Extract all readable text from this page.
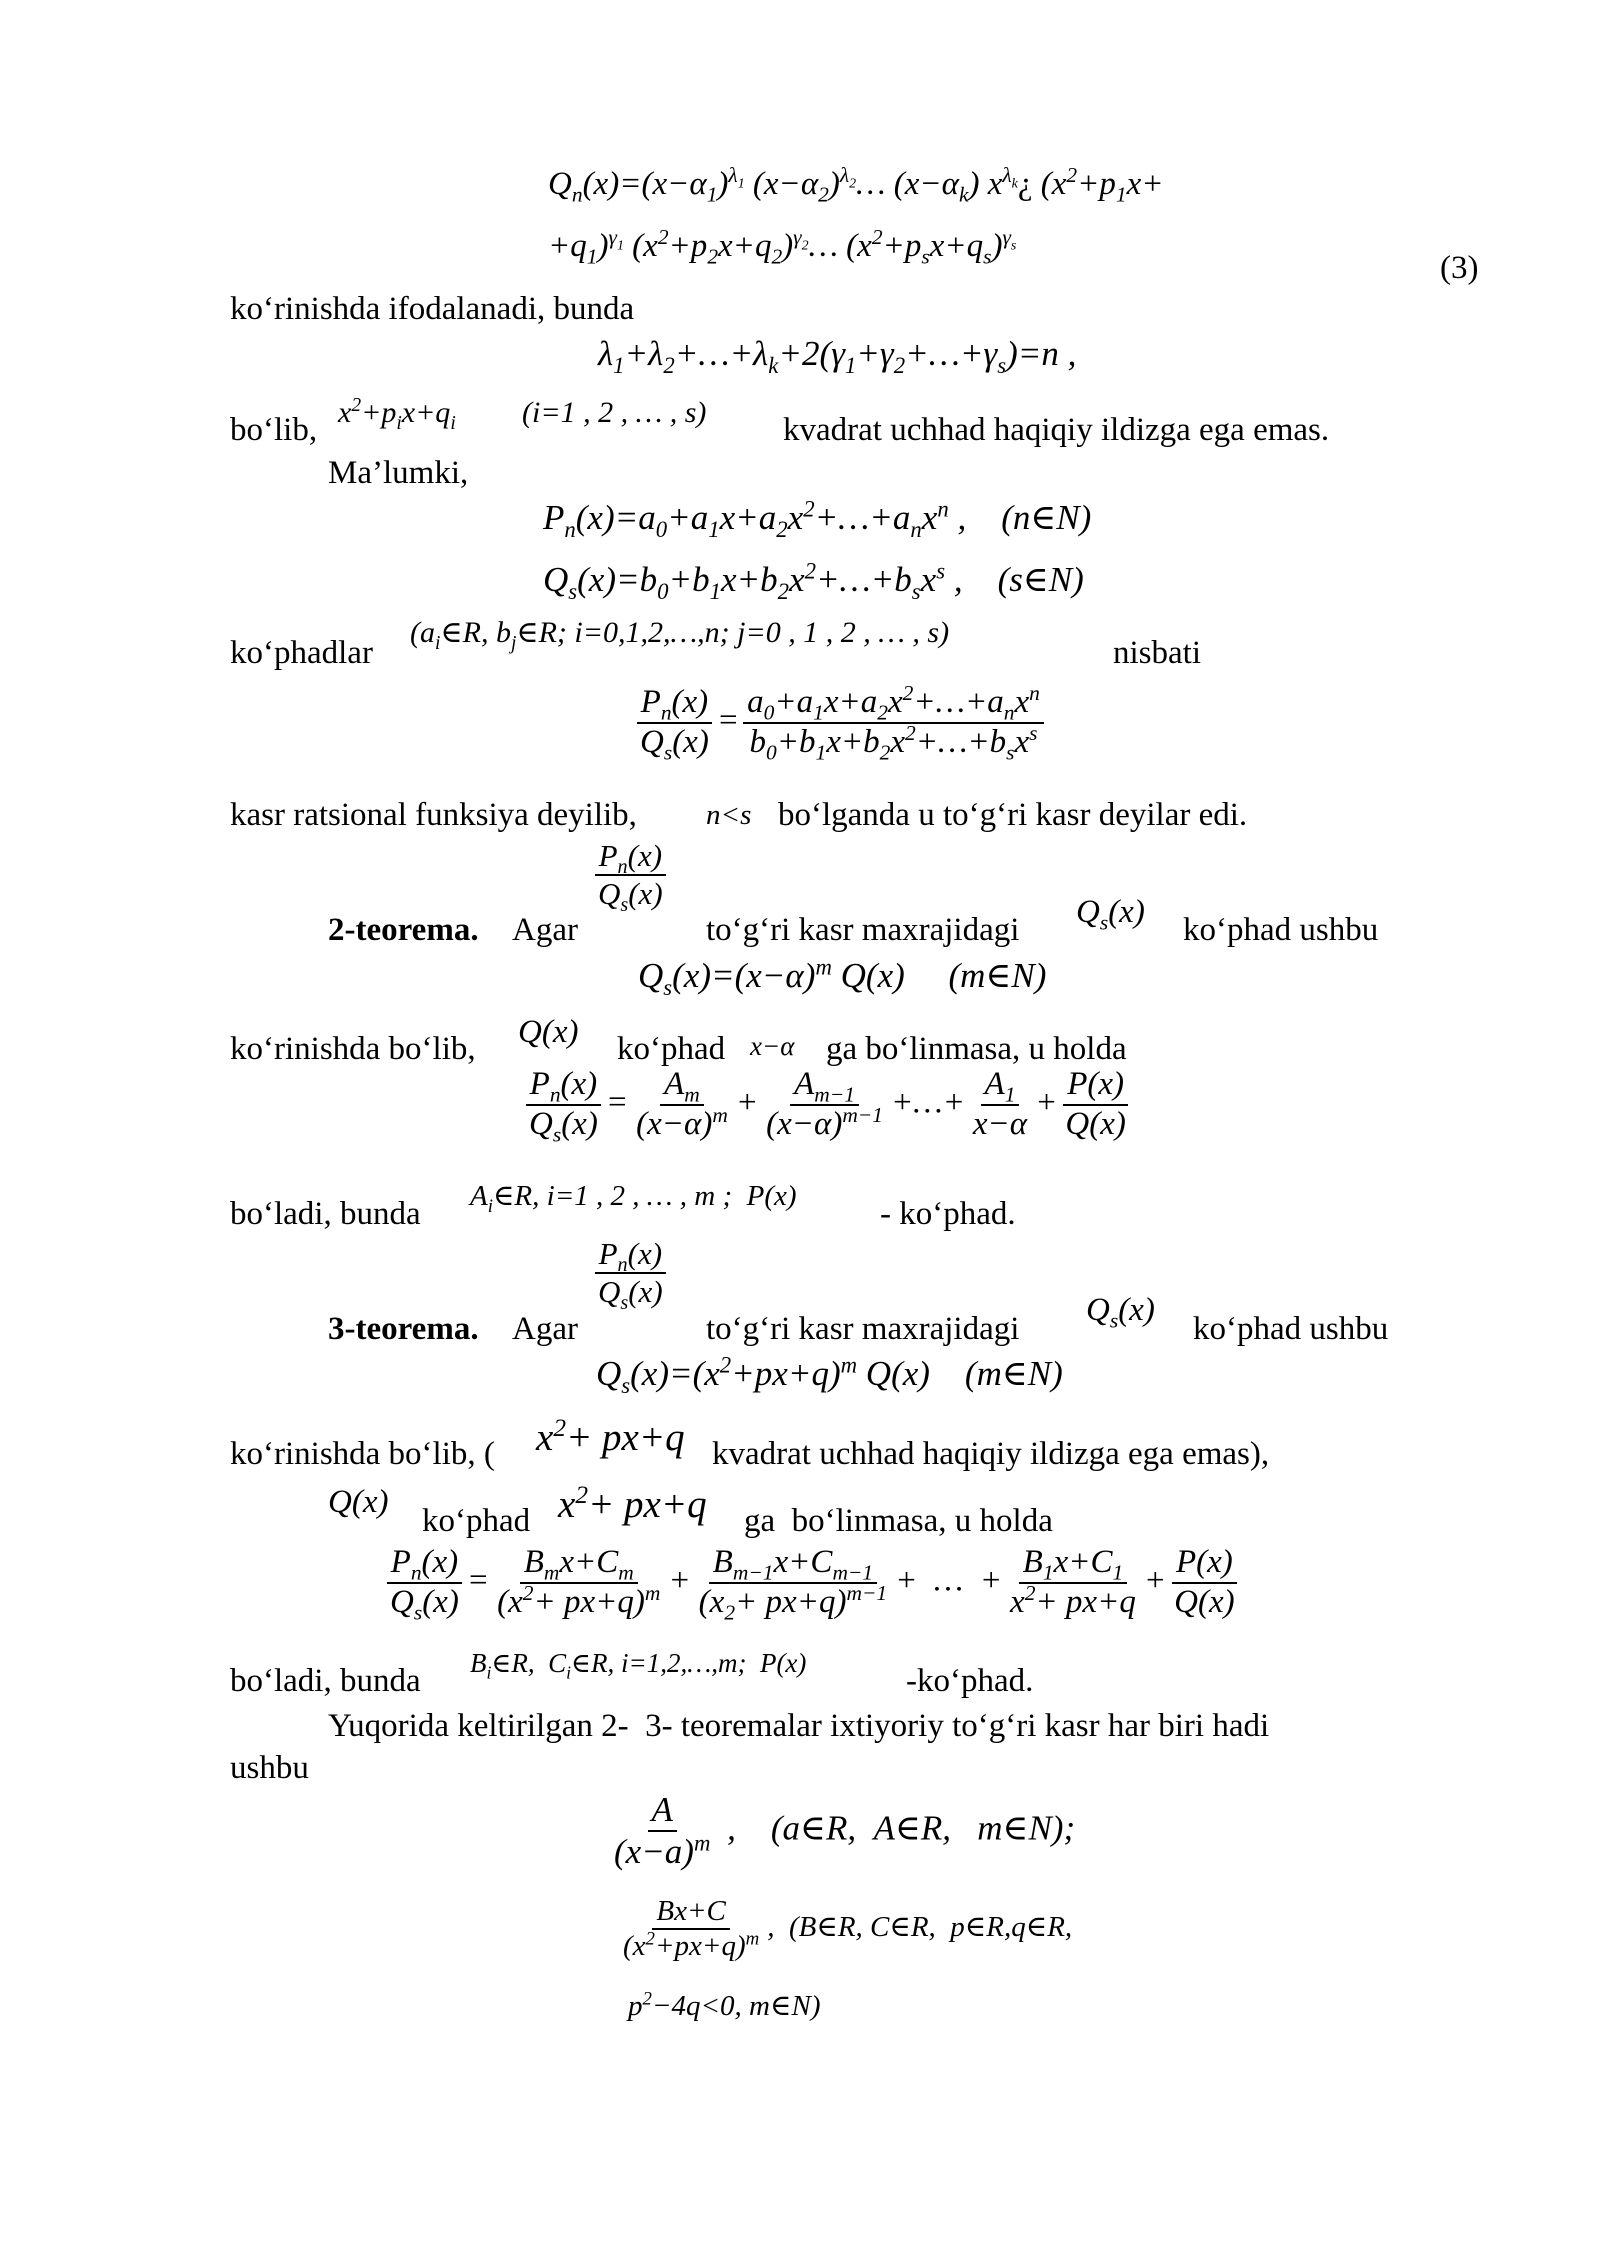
$Q_n(x)=(x-\alpha_1)^{\lambda_1}$ $(x-\alpha_2)^{\lambda_2}\dots$ $(x-\alpha_k)$ $x^{\lambda_k}¿$ ($x^2+p_1x+$
$+q_1)^{\gamma_1}$ $(x^2+p_2x+q_2)^{\gamma_2}\dots$ $(x^2+p_sx+q_s)^{\gamma_s}$
(3)
koʻrinishda ifodalanadi, bunda
$\lambda_1+\lambda_2+\dots+\lambda_k+2(\gamma_1+\gamma_2+\dots+\gamma_s)=n$ ,
boʻlib, $x^2+p_ix+q_i$ (i=1 , 2 , … , s) kvadrat uchhad haqiqiy ildizga ega emas.
Ma’lumki,
$P_n(x)=a_0+a_1x+a_2x^2+\dots+a_nx^n$ ,    (n∈N)
$Q_s(x)=b_0+b_1x+b_2x^2+\dots+b_sx^s$ ,    (s∈N)
koʻphadlar
($a_i\in R$, $b_j\in R$; i=0,1,2,…,n; j=0 , 1 , 2 , … , s)
nisbati
$\frac{P_n(x)}{Q_s(x)} = \frac{a_0+a_1x+a_2x^2+\dots+a_nx^n}{b_0+b_1x+b_2x^2+\dots+b_sx^s}$
kasr ratsional funksiya deyilib, n<s boʻlganda u toʻgʻri kasr deyilar edi.
$\frac{P_n(x)}{Q_s(x)}$
2-teorema. Agar	toʻgʻri kasr maxrajidagi $Q_s(x)$ koʻphad ushbu
$Q_s(x)=(x-\alpha)^m$ Q(x)     (m∈N)
koʻrinishda boʻlib, Q(x) koʻphad x−α ga boʻlinmasa, u holda
$\frac{P_n(x)}{Q_s(x)} = \frac{A_m}{(x-\alpha)^m} + \frac{A_{m-1}}{(x-\alpha)^{m-1}}$ +…+ $\frac{A_1}{x-\alpha} + \frac{P(x)}{Q(x)}$
boʻladi, bunda $A_i\in R$, i=1 , 2 , … , m ;  P(x)	- koʻphad.
$\frac{P_n(x)}{Q_s(x)}$
3-teorema. Agar	toʻgʻri kasr maxrajidagi
$Q_s(x)$
koʻphad ushbu
$Q_s(x)=(x^2+px+q)^m$ Q(x)    (m∈N)
koʻrinishda boʻlib, ( $x^2+ px+q$ kvadrat uchhad haqiqiy ildizga ega emas),
Q(x)
koʻphad $x^2+ px+q$ ga  boʻlinmasa, u holda
$\frac{P_n(x)}{Q_s(x)} = \frac{B_mx+C_m}{(x^2+ px+q)^m} + \frac{B_{m-1}x+C_{m-1}}{(x_2+ px+q)^{m-1}}$ +  …  + $\frac{B_1x+C_1}{x^2+ px+q} + \frac{P(x)}{Q(x)}$
boʻladi, bunda $B_i\in R$,  $C_i\in R$, i=1,2,…,m;  P(x)	-koʻphad.
Yuqorida keltirilgan 2-  3- teoremalar ixtiyoriy toʻgʻri kasr har biri hadi
ushbu
$\frac{A}{(x-a)^m}$ ,    (a∈R,  A∈R,   m∈N);
$\frac{Bx+C}{(x^2+px+q)^m}$ ,  (B∈R, C∈R,  p∈R,q∈R,
$p^2-4q<0$, m∈N)
